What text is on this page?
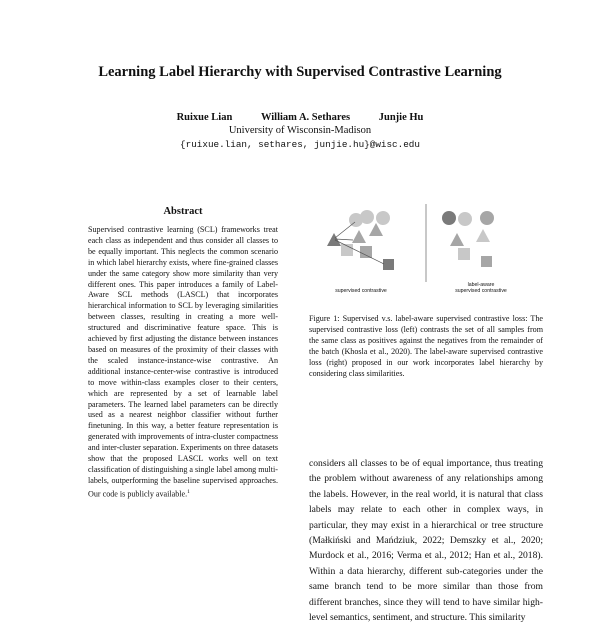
Learning Label Hierarchy with Supervised Contrastive Learning
Ruixue Lian	William A. Sethares	Junjie Hu
University of Wisconsin-Madison
{ruixue.lian, sethares, junjie.hu}@wisc.edu
Abstract
Supervised contrastive learning (SCL) frameworks treat each class as independent and thus consider all classes to be equally important. This neglects the common scenario in which label hierarchy exists, where fine-grained classes under the same category show more similarity than very different ones. This paper introduces a family of Label-Aware SCL methods (LASCL) that incorporates hierarchical information to SCL by leveraging similarities between classes, resulting in creating a more well-structured and discriminative feature space. This is achieved by first adjusting the distance between instances based on measures of the proximity of their classes with the scaled instance-instance-wise contrastive. An additional instance-center-wise contrastive is introduced to move within-class examples closer to their centers, which are represented by a set of learnable label parameters. The learned label parameters can be directly used as a nearest neighbor classifier without further finetuning. In this way, a better feature representation is generated with improvements of intra-cluster compactness and inter-cluster separation. Experiments on three datasets show that the proposed LASCL works well on text classification of distinguishing a single label among multi-labels, outperforming the baseline supervised approaches. Our code is publicly available.$^1$
supervised contrastive
label-aware
supervised contrastive
Figure 1: Supervised v.s. label-aware supervised contrastive loss: The supervised contrastive loss (left) contrasts the set of all samples from the same class as positives against the negatives from the remainder of the batch (Khosla et al., 2020). The label-aware supervised contrastive loss (right) proposed in our work incorporates label hierarchy by considering class similarities.
considers all classes to be of equal importance, thus treating the problem without awareness of any relationships among the labels. However, in the real world, it is natural that class labels may relate to each other in complex ways, in particular, they may exist in a hierarchical or tree structure (Małkiński and Mańdziuk, 2022; Demszky et al., 2020; Murdock et al., 2016; Verma et al., 2012; Han et al., 2018). Within a data hierarchy, different sub-categories under the same branch tend to be more similar than those from different branches, since they will tend to have similar high-level semantics, sentiment, and structure. This similarity
